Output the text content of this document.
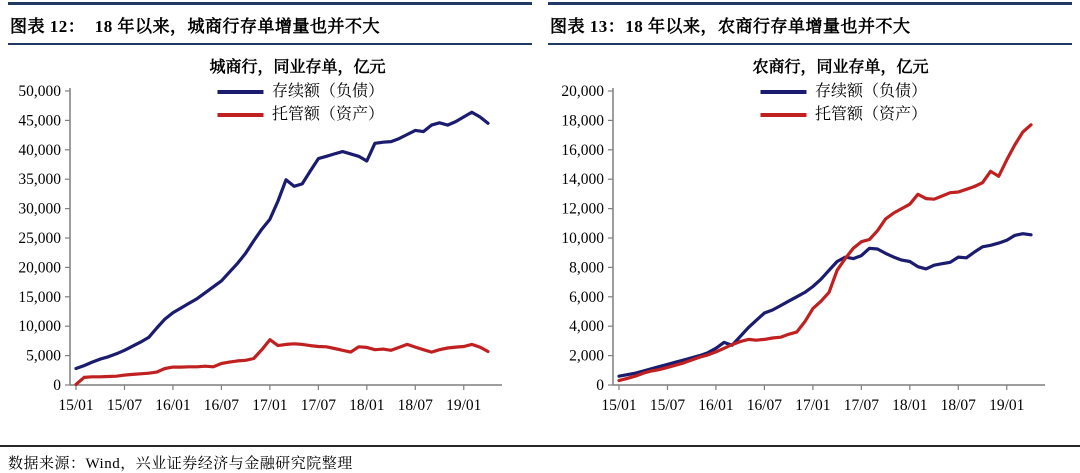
图表 12：  18 年以来，城商行存单增量也并不大	图表 13：18 年以来，农商行存单增量也并不大
城商行，同业存单，亿元
存续额（负债）
托管额（资产）
0
5,000
10,000
15,000
20,000
25,000
30,000
35,000
40,000
45,000
50,000
15/01 15/07 16/01 16/07 17/01 17/07 18/01 18/07 19/01
农商行，同业存单，亿元
存续额（负债）
托管额（资产）
0
2,000
4,000
6,000
8,000
10,000
12,000
14,000
16,000
18,000
20,000
15/01 15/07 16/01 16/07 17/01 17/07 18/01 18/07 19/01
数据来源：Wind，兴业证券经济与金融研究院整理
